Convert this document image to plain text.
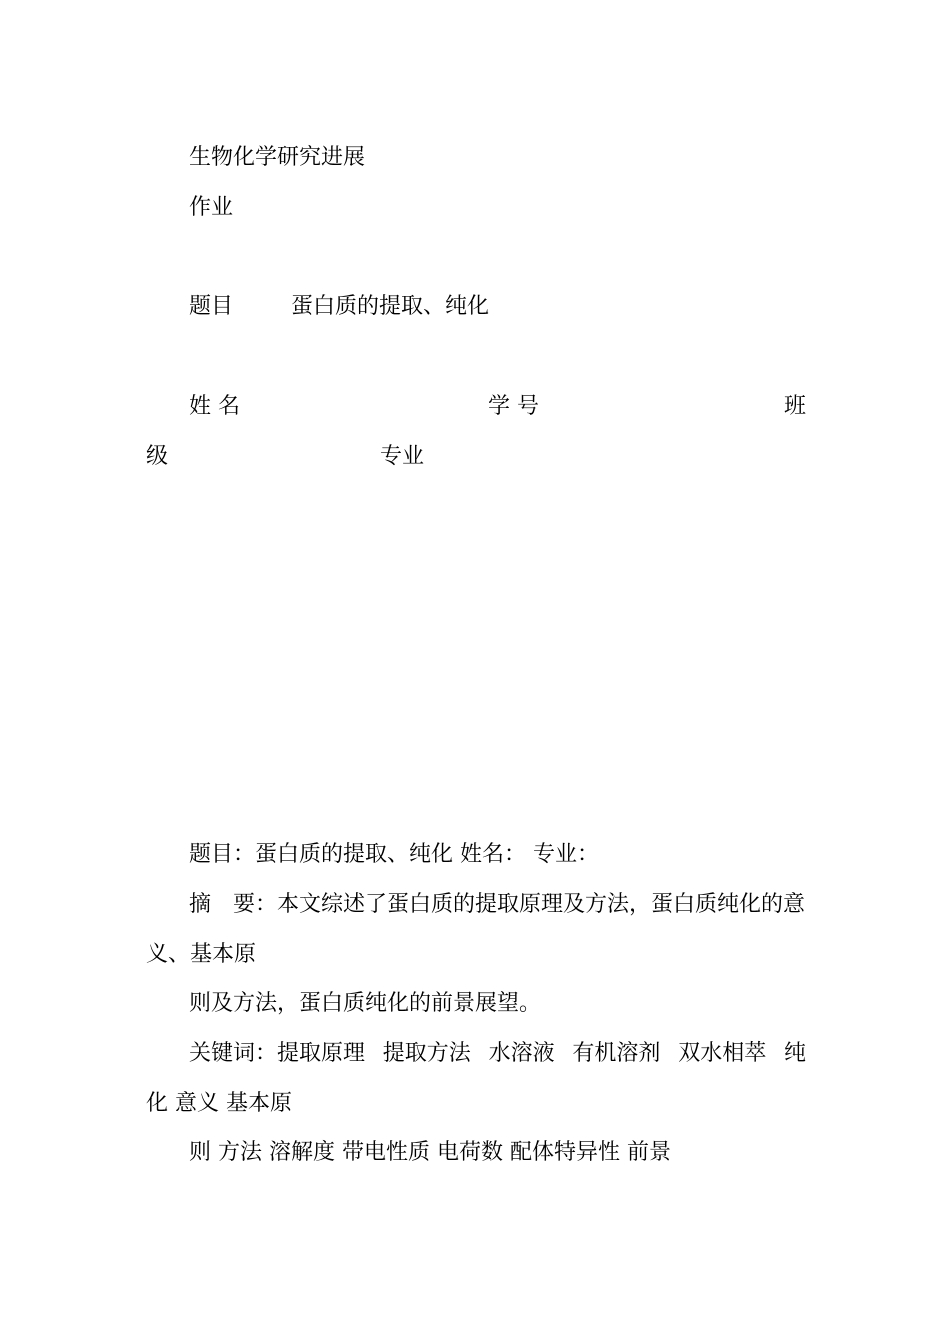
生物化学研究进展
作业
题目	蛋白质的提取、纯化
姓 名	学 号	班
级	专业
题目：蛋白质的提取、纯化 姓名： 专业：
摘　要：本文综述了蛋白质的提取原理及方法，蛋白质纯化的意
义、基本原
则及方法，蛋白质纯化的前景展望。
关键词：提取原理 提取方法 水溶液 有机溶剂 双水相萃 纯
化 意义 基本原
则 方法 溶解度 带电性质 电荷数 配体特异性 前景
